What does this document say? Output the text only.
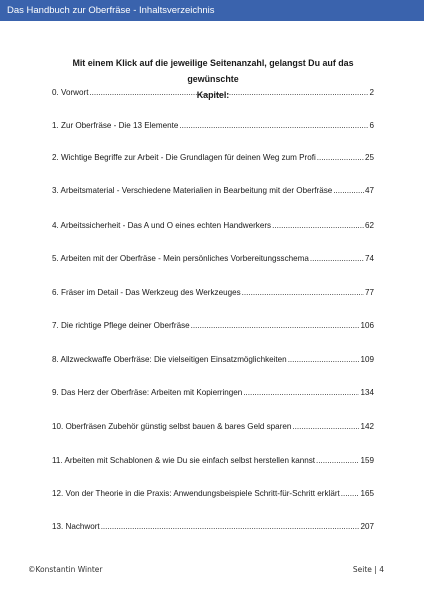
Das Handbuch zur Oberfräse - Inhaltsverzeichnis
Mit einem Klick auf die jeweilige Seitenanzahl, gelangst Du auf das gewünschte
Kapitel:
0. Vorwort .....	2
1. Zur Oberfräse - Die 13 Elemente .....	6
2. Wichtige Begriffe zur Arbeit - Die Grundlagen für deinen Weg zum Profi .....	25
3. Arbeitsmaterial - Verschiedene Materialien in Bearbeitung mit der Oberfräse .....	47
4. Arbeitssicherheit - Das A und O eines echten Handwerkers .....	62
5. Arbeiten mit der Oberfräse - Mein persönliches Vorbereitungsschema .....	74
6. Fräser im Detail - Das Werkzeug des Werkzeuges .....	77
7. Die richtige Pflege deiner Oberfräse .....	106
8. Allzweckwaffe Oberfräse: Die vielseitigen Einsatzmöglichkeiten .....	109
9. Das Herz der Oberfräse: Arbeiten mit Kopierringen .....	134
10. Oberfräsen Zubehör günstig selbst bauen & bares Geld sparen .....	142
11. Arbeiten mit Schablonen & wie Du sie einfach selbst herstellen kannst .....	159
12. Von der Theorie in die Praxis: Anwendungsbeispiele Schritt-für-Schritt erklärt .....	165
13. Nachwort .....	207
©Konstantin Winter	Seite | 4
